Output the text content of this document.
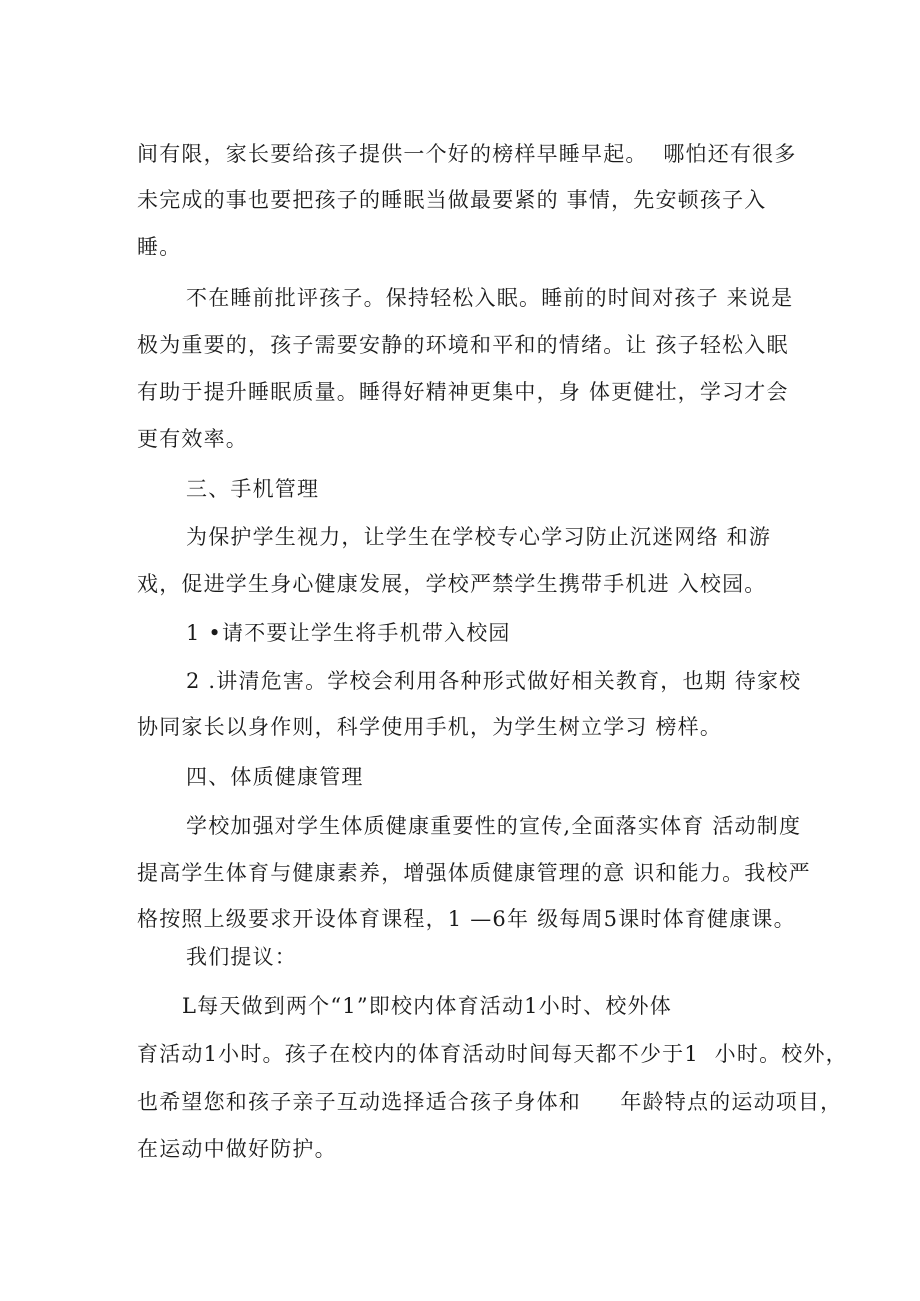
间有限，家长要给孩子提供一个好的榜样早睡早起。  哪怕还有很多
未完成的事也要把孩子的睡眠当做最要紧的 事情，先安顿孩子入
睡。
不在睡前批评孩子。保持轻松入眠。睡前的时间对孩子 来说是
极为重要的，孩子需要安静的环境和平和的情绪。让 孩子轻松入眠
有助于提升睡眠质量。睡得好精神更集中，身 体更健壮，学习才会
更有效率。
三、手机管理
为保护学生视力，让学生在学校专心学习防止沉迷网络 和游
戏，促进学生身心健康发展，学校严禁学生携带手机进 入校园。
1 •请不要让学生将手机带入校园
2 .讲清危害。学校会利用各种形式做好相关教育，也期 待家校
协同家长以身作则，科学使用手机，为学生树立学习 榜样。
四、体质健康管理
学校加强对学生体质健康重要性的宣传,全面落实体育 活动制度
提高学生体育与健康素养，增强体质健康管理的意 识和能力。我校严
格按照上级要求开设体育课程，1 —6年 级每周5课时体育健康课。
我们提议：
L每天做到两个“1”即校内体育活动1小时、校外体
育活动1小时。孩子在校内的体育活动时间每天都不少于1  小时。校外，
也希望您和孩子亲子互动选择适合孩子身体和     年龄特点的运动项目，
在运动中做好防护。
